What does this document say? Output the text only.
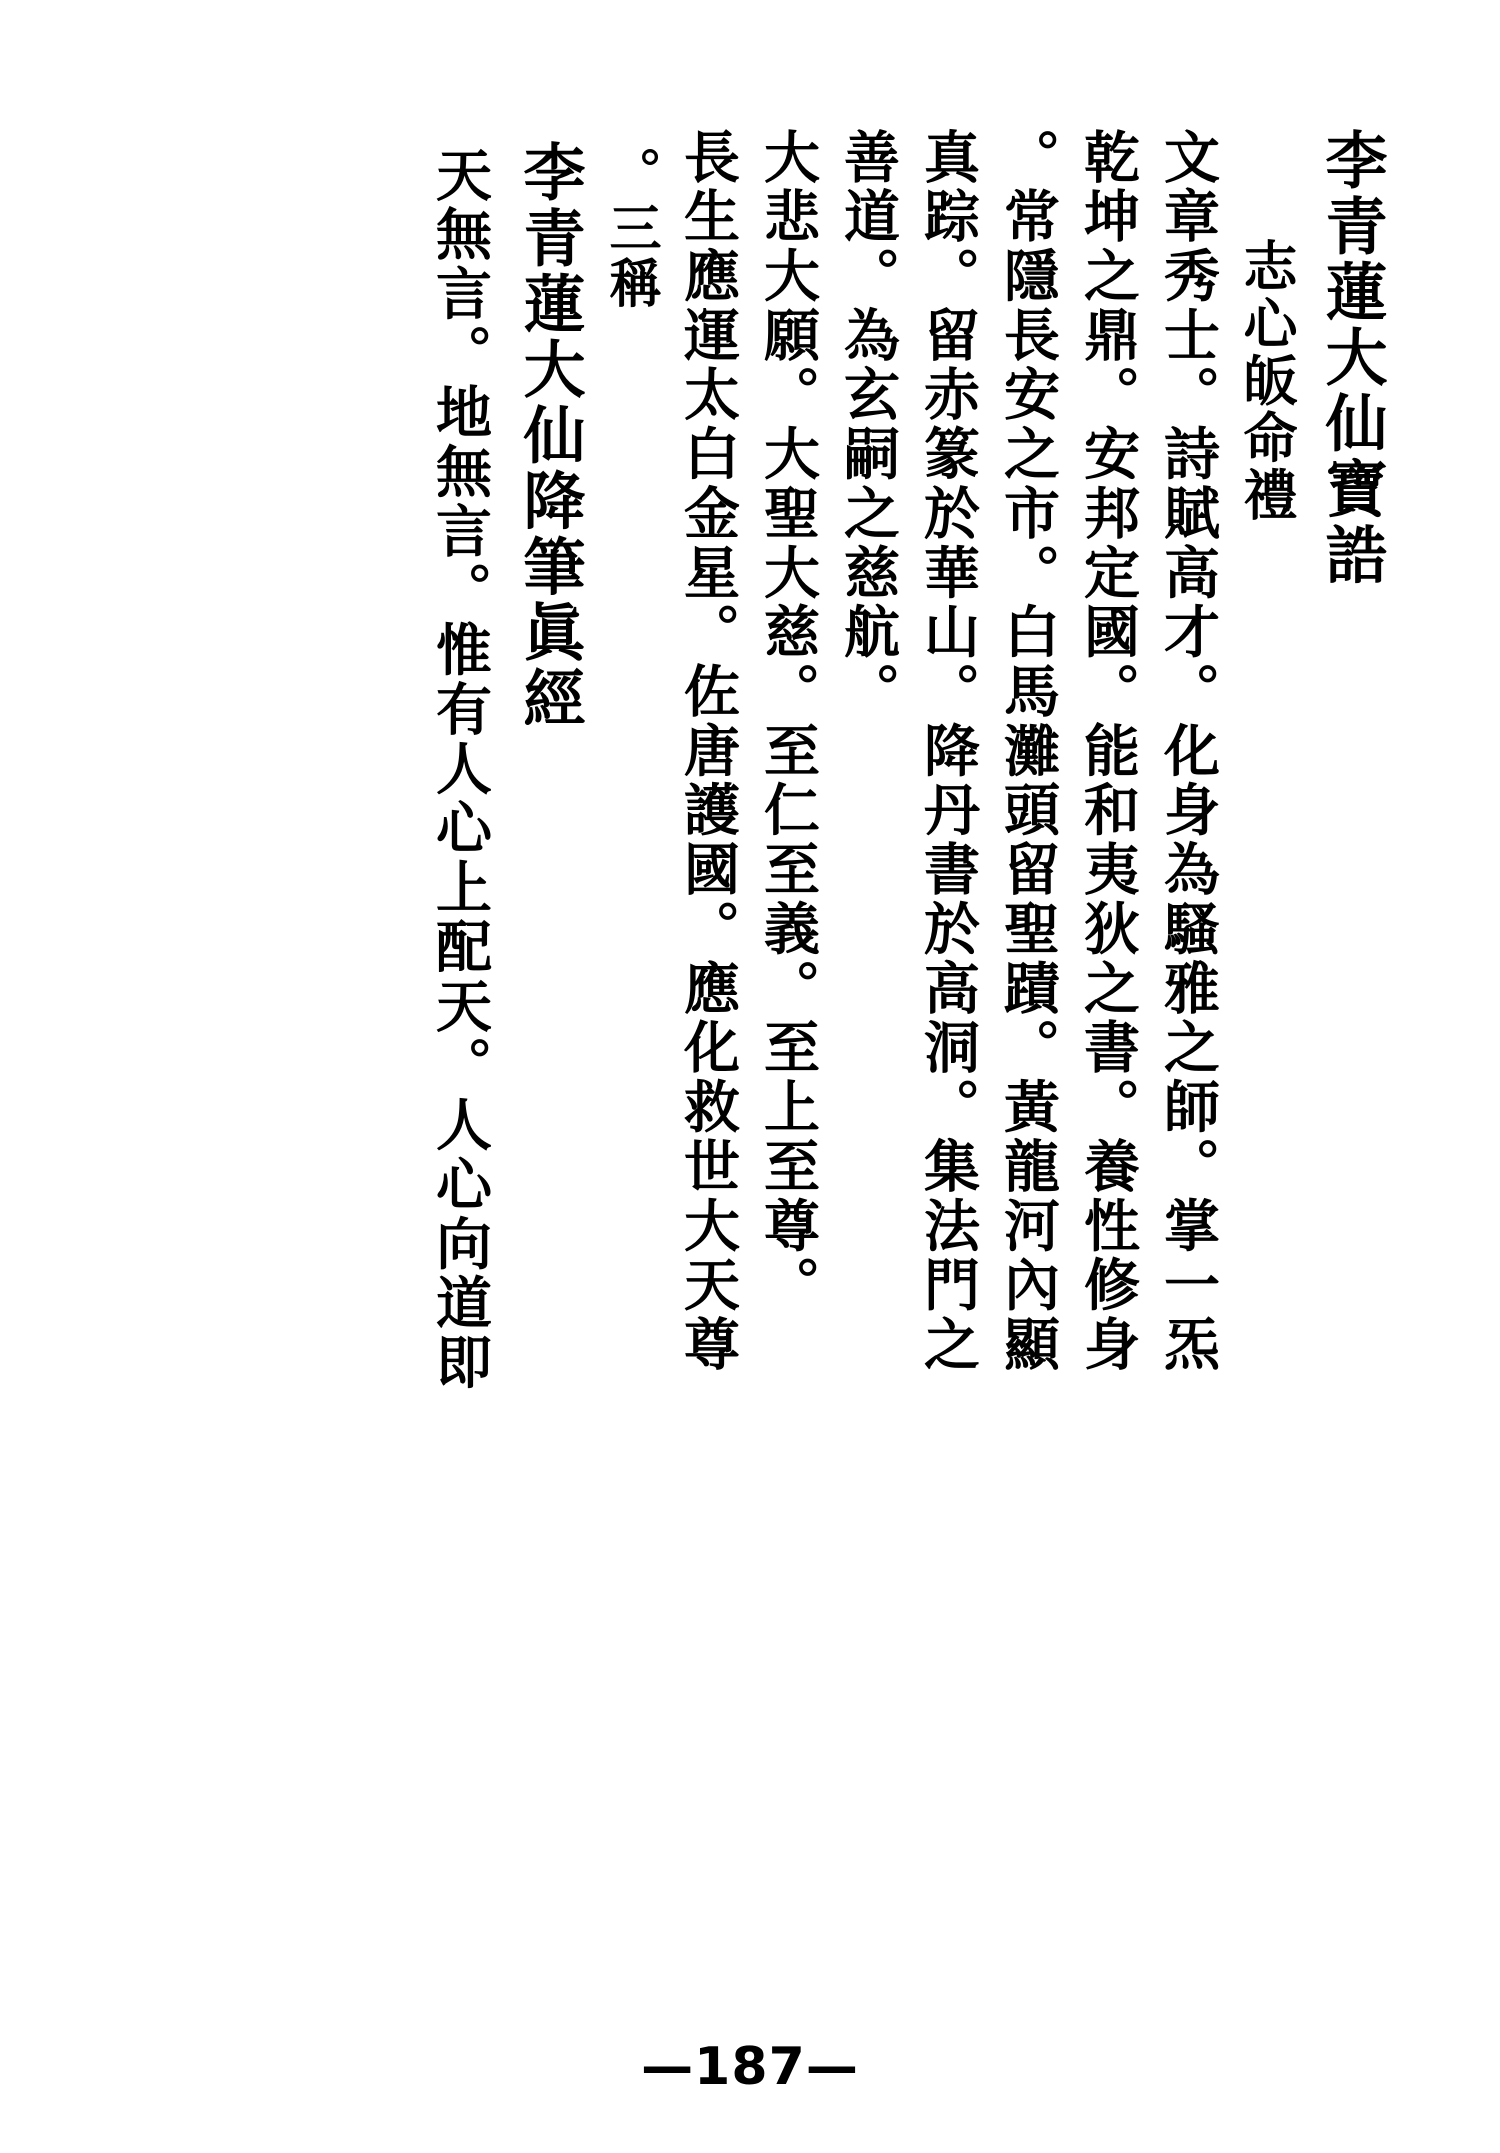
李青蓮大仙寶誥
志心皈命禮
文章秀士。詩賦高才。化身為騷雅之師。掌一炁
乾坤之鼎。安邦定國。能和夷狄之書。養性修身
。常隱長安之市。白馬灘頭留聖蹟。黃龍河內顯
真踪。留赤篆於華山。降丹書於高洞。集法門之
善道。為玄嗣之慈航。
大悲大願。大聖大慈。至仁至義。至上至尊。
長生應運太白金星。佐唐護國。應化救世大天尊
。三稱
李青蓮大仙降筆眞經
天無言。地無言。惟有人心上配天。人心向道即
—187—
